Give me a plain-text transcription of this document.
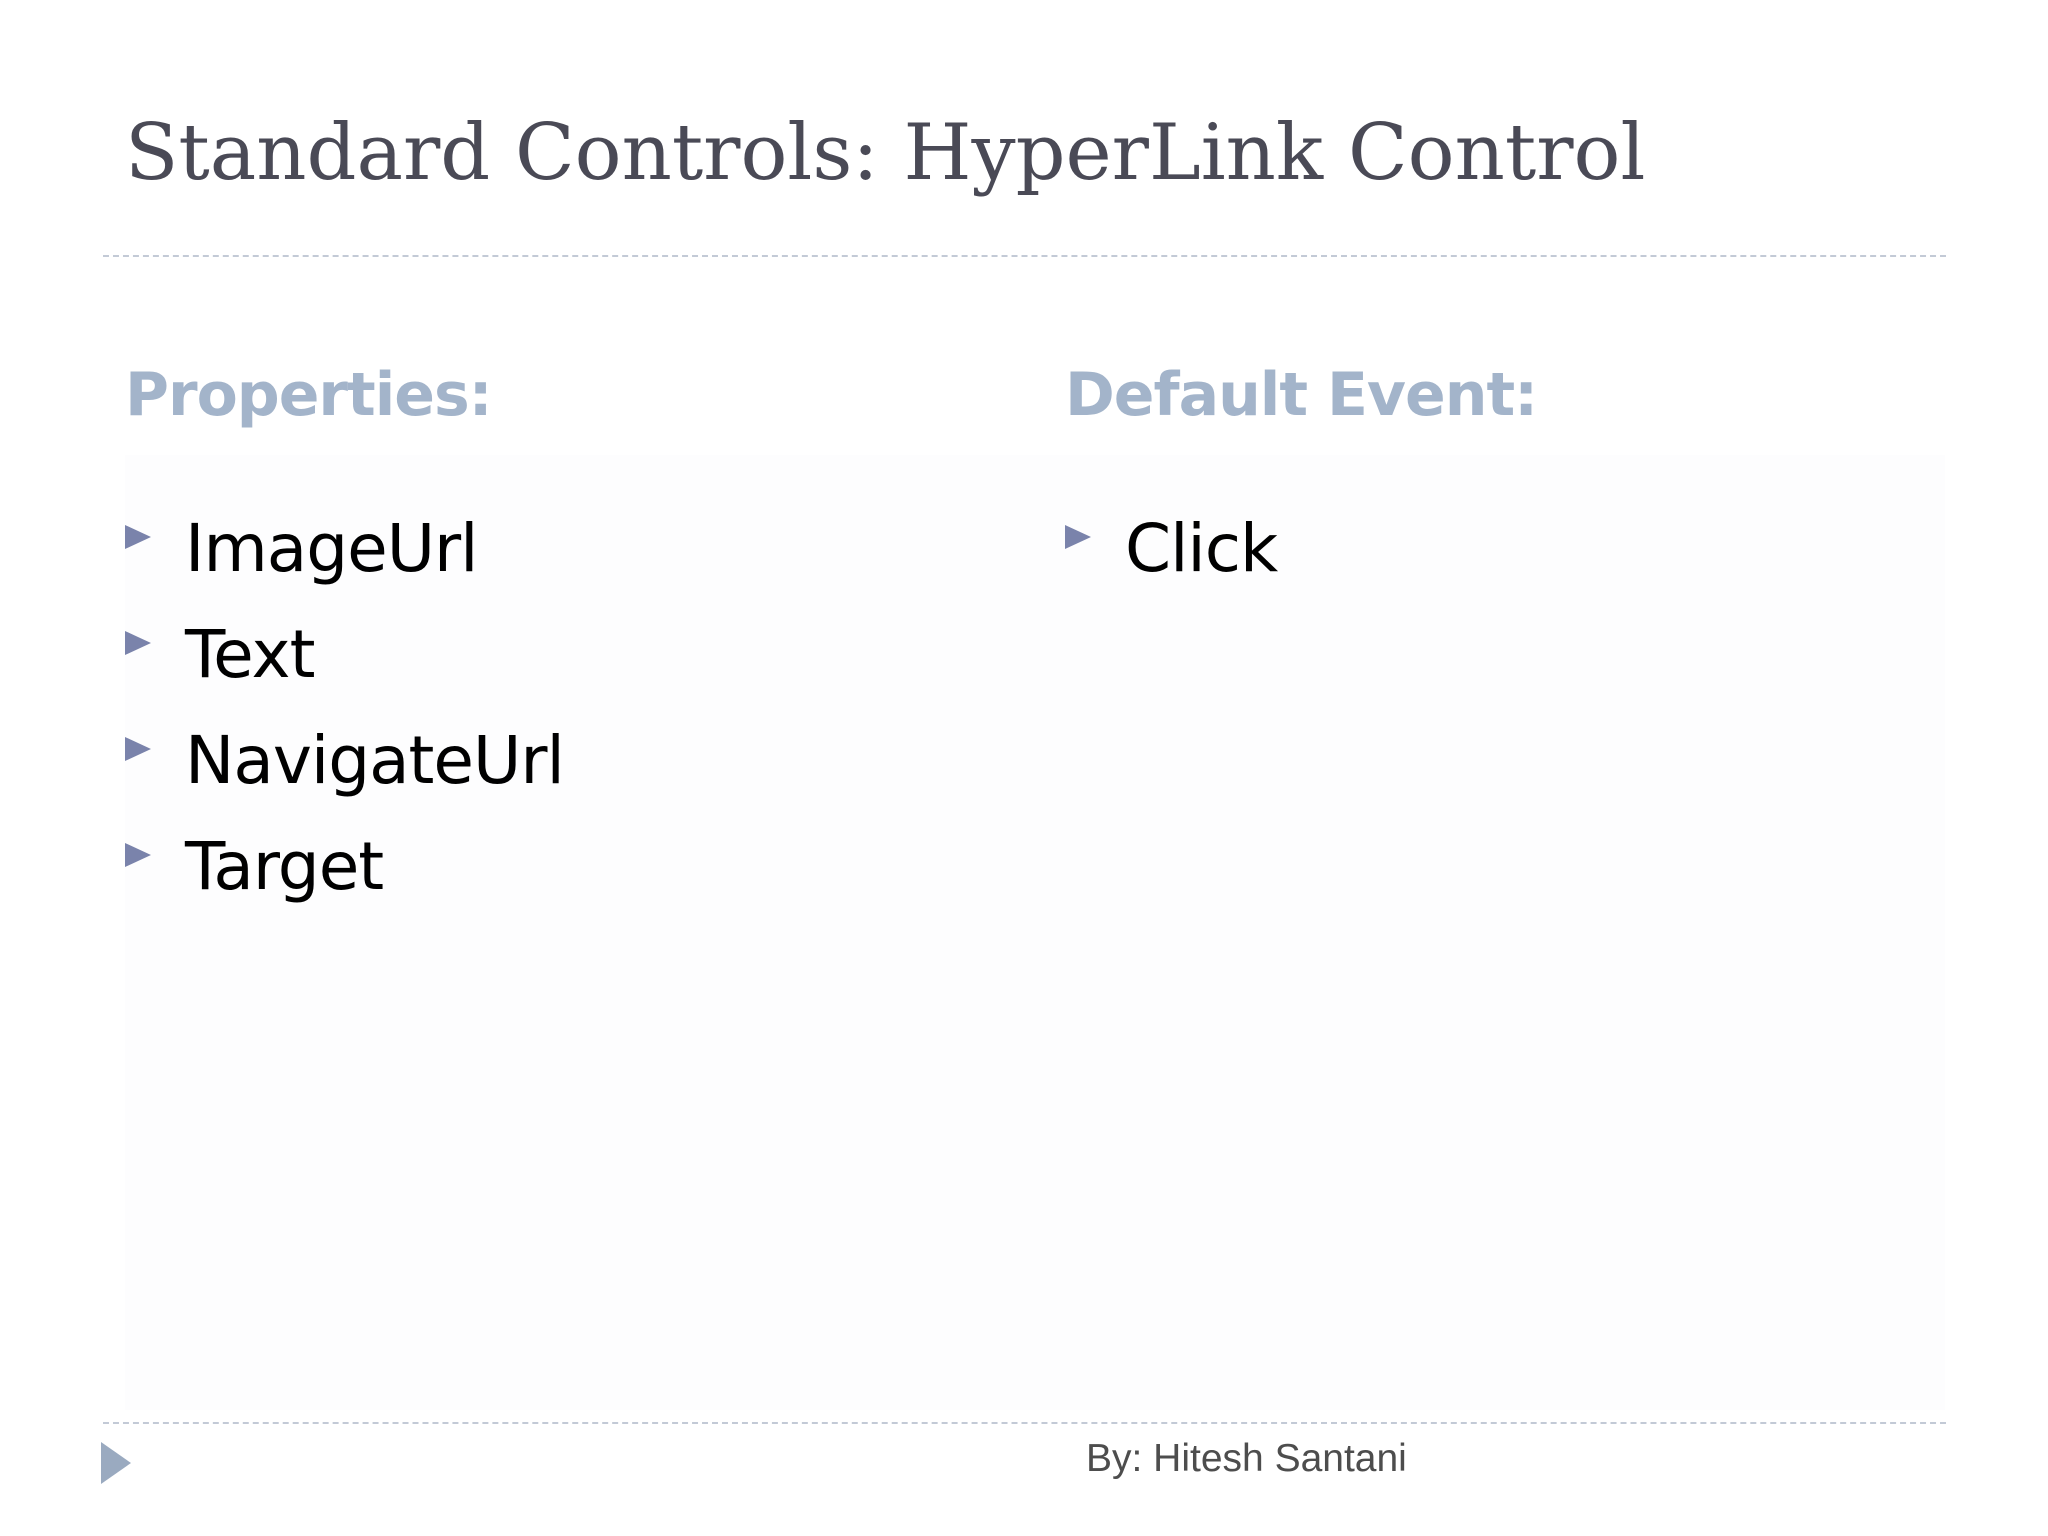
Standard Controls: HyperLink Control
Properties:
ImageUrl
Text
NavigateUrl
Target
Default Event:
Click
By: Hitesh Santani
